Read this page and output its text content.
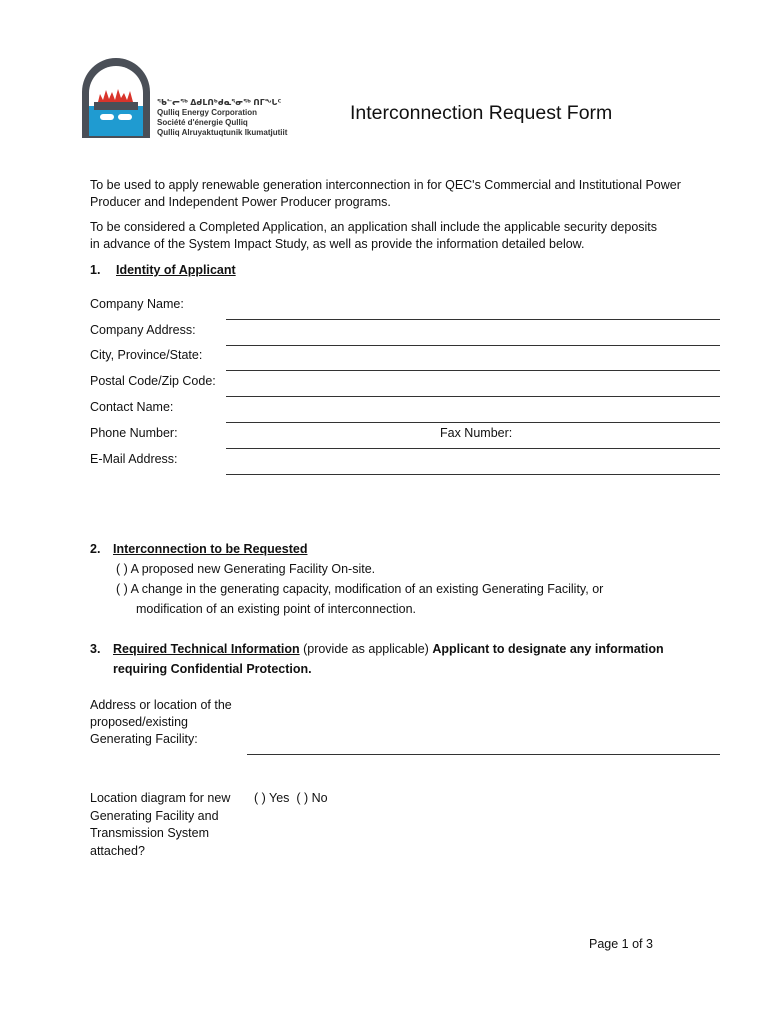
ᖃᓪᓕᖅ ᐃᑯᒪᑎᒃᑯᓇᕐᓂᖅ ᑎᒥᖓᑦ
Qulliq Energy Corporation
Société d'énergie Qulliq
Qulliq Alruyaktuqtunik Ikumatjutiit
Interconnection Request Form
To be used to apply renewable generation interconnection in for QEC's Commercial and Institutional Power
Producer and Independent Power Producer programs.
To be considered a Completed Application, an application shall include the applicable security deposits
in advance of the System Impact Study, as well as provide the information detailed below.
1. Identity of Applicant
Company Name:
Company Address:
City, Province/State:
Postal Code/Zip Code:
Contact Name:
Phone Number:	Fax Number:
E-Mail Address:
2. Interconnection to be Requested
( ) A proposed new Generating Facility On-site.
( ) A change in the generating capacity, modification of an existing Generating Facility, or
modification of an existing point of interconnection.
3. Required Technical Information (provide as applicable) Applicant to designate any information
requiring Confidential Protection.
Address or location of the
proposed/existing
Generating Facility:
Location diagram for new
Generating Facility and
Transmission System
attached?
( ) Yes  ( ) No
Page 1 of 3
